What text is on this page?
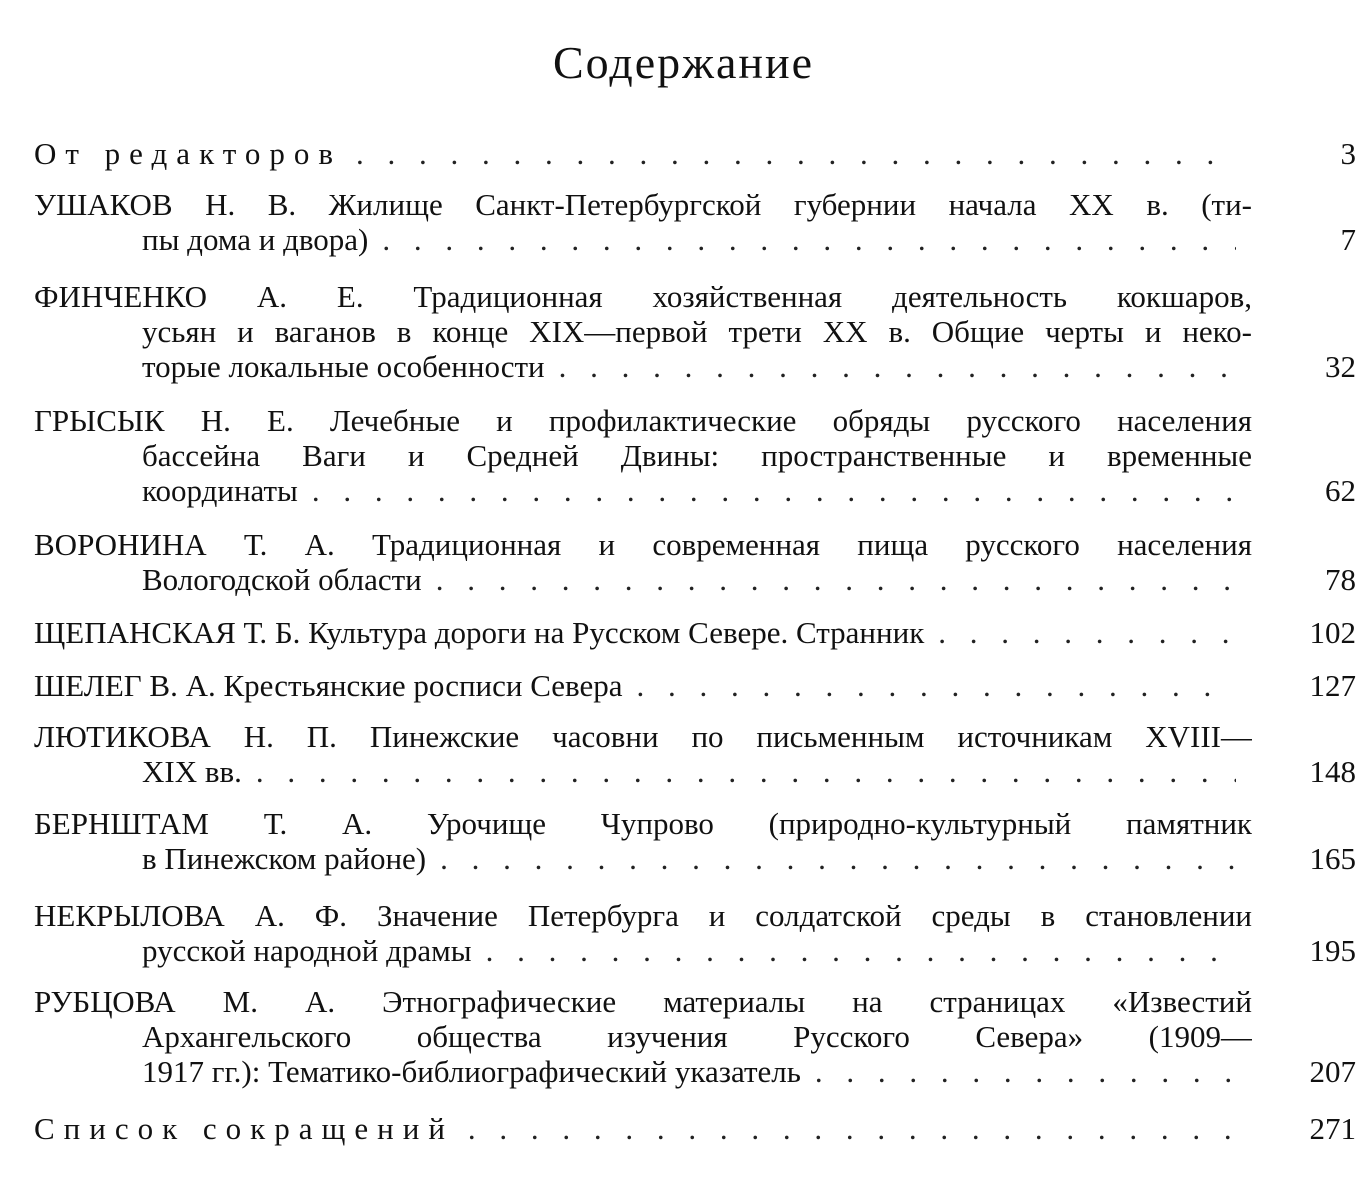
Содержание
От редакторов . . .	3
УШАКОВ Н. В. Жилище Санкт-Петербургской губернии начала XX в. (ти-
пы дома и двора) . . .	7
ФИНЧЕНКО А. Е. Традиционная хозяйственная деятельность кокшаров,
усьян и ваганов в конце XIX—первой трети XX в. Общие черты и неко-
торые локальные особенности . . .	32
ГРЫСЫК Н. Е. Лечебные и профилактические обряды русского населения
бассейна Ваги и Средней Двины: пространственные и временные
координаты . . .	62
ВОРОНИНА Т. А. Традиционная и современная пища русского населения
Вологодской области . . .	78
ЩЕПАНСКАЯ Т. Б. Культура дороги на Русском Севере. Странник . . .	102
ШЕЛЕГ В. А. Крестьянские росписи Севера . . .	127
ЛЮТИКОВА Н. П. Пинежские часовни по письменным источникам XVIII—
XIX вв. . . .	148
БЕРНШТАМ Т. А. Урочище Чупрово (природно-культурный памятник
в Пинежском районе) . . .	165
НЕКРЫЛОВА А. Ф. Значение Петербурга и солдатской среды в становлении
русской народной драмы . . .	195
РУБЦОВА М. А. Этнографические материалы на страницах «Известий
Архангельского общества изучения Русского Севера» (1909—
1917 гг.): Тематико-библиографический указатель . . .	207
Список сокращений . . .	271
